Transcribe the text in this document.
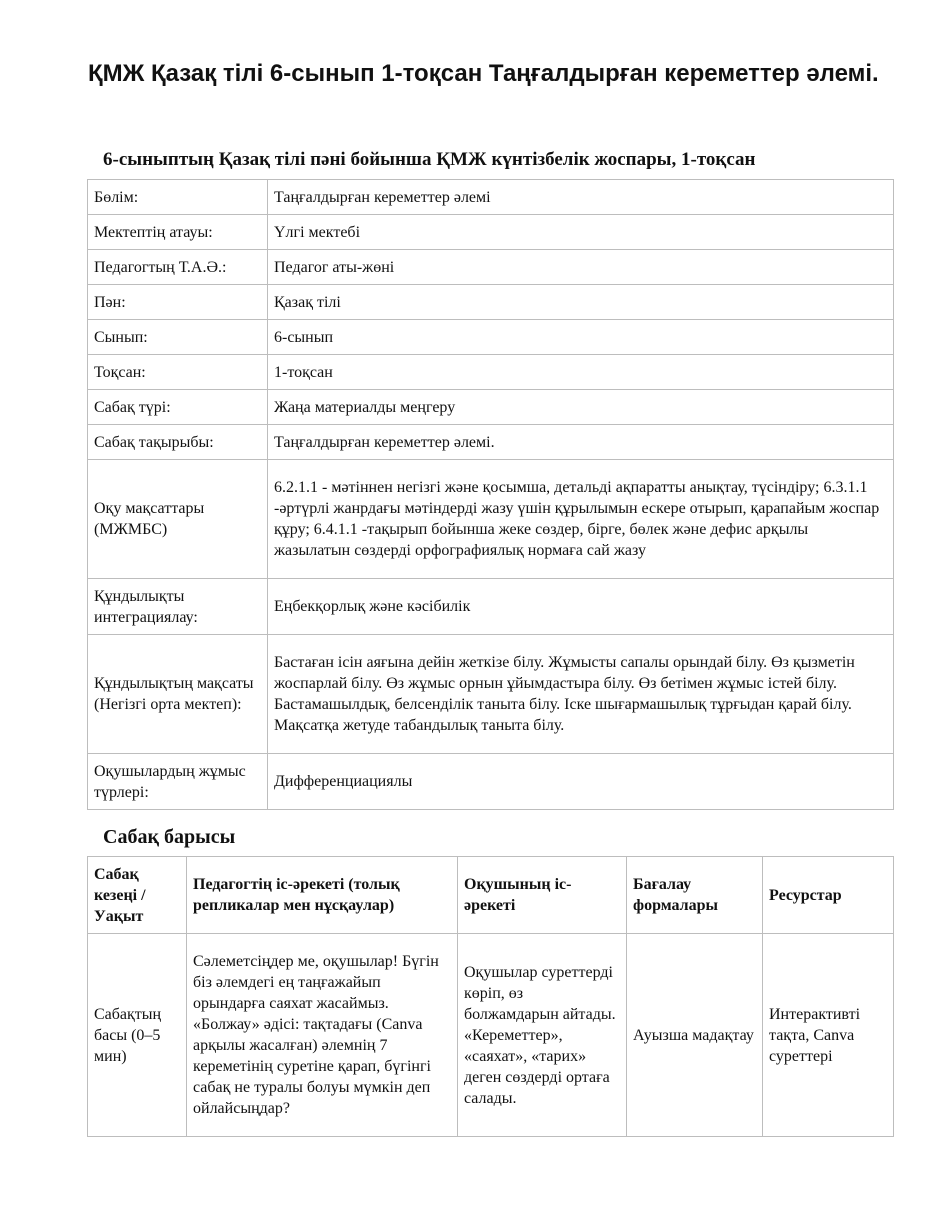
ҚМЖ Қазақ тілі 6-сынып 1-тоқсан Таңғалдырған кереметтер әлемі.
6-сыныптың Қазақ тілі пәні бойынша ҚМЖ күнтізбелік жоспары, 1-тоқсан
Бөлім:	Таңғалдырған кереметтер әлемі
Мектептің атауы:	Үлгі мектебі
Педагогтың Т.А.Ә.:	Педагог аты-жөні
Пән:	Қазақ тілі
Сынып:	6-сынып
Тоқсан:	1-тоқсан
Сабақ түрі:	Жаңа материалды меңгеру
Сабақ тақырыбы:	Таңғалдырған кереметтер әлемі.
Оқу мақсаттары (МЖМБС)	6.2.1.1 - мәтіннен негізгі және қосымша, детальді ақпаратты анықтау, түсіндіру; 6.3.1.1 -әртүрлі жанрдағы мәтіндерді жазу үшін құрылымын ескере отырып, қарапайым жоспар құру; 6.4.1.1 -тақырып бойынша жеке сөздер, бірге, бөлек және дефис арқылы жазылатын сөздерді орфографиялық нормаға сай жазу
Құндылықты интеграциялау:	Еңбекқорлық және кәсібилік
Құндылықтың мақсаты (Негізгі орта мектеп):	Бастаған ісін аяғына дейін жеткізе білу. Жұмысты сапалы орындай білу. Өз қызметін жоспарлай білу. Өз жұмыс орнын ұйымдастыра білу. Өз бетімен жұмыс істей білу. Бастамашылдық, белсенділік таныта білу. Іске шығармашылық тұрғыдан қарай білу. Мақсатқа жетуде табандылық таныта білу.
Оқушылардың жұмыс түрлері:	Дифференциациялы
Сабақ барысы
Сабақ кезеңі / Уақыт	Педагогтің іс-әрекеті (толық репликалар мен нұсқаулар)	Оқушының іс-әрекеті	Бағалау формалары	Ресурстар
Сабақтың басы (0–5 мин)	Сәлеметсіңдер ме, оқушылар! Бүгін біз әлемдегі ең таңғажайып орындарға саяхат жасаймыз. «Болжау» әдісі: тақтадағы (Canva арқылы жасалған) әлемнің 7 кереметінің суретіне қарап, бүгінгі сабақ не туралы болуы мүмкін деп ойлайсыңдар?	Оқушылар суреттерді көріп, өз болжамдарын айтады. «Кереметтер», «саяхат», «тарих» деген сөздерді ортаға салады.	Ауызша мадақтау	Интерактивті тақта, Canva суреттері
